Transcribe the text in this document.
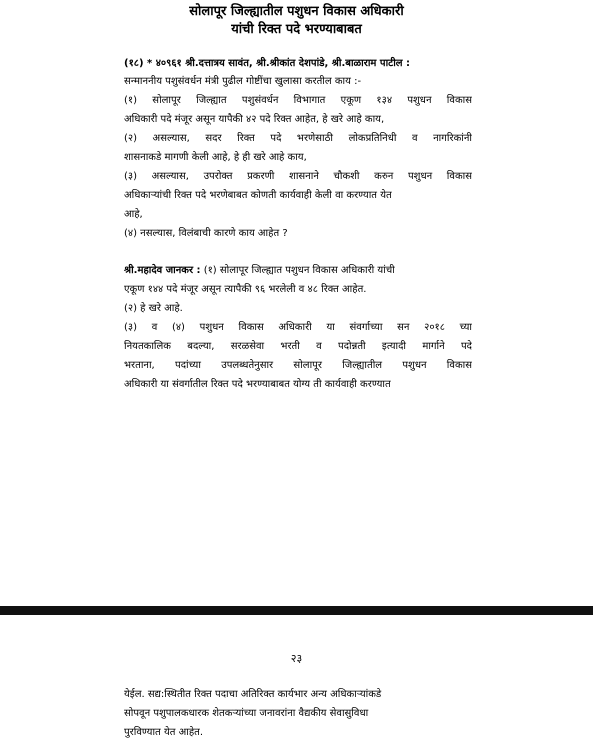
सोलापूर जिल्ह्यातील पशुधन विकास अधिकारी
यांची रिक्त पदे भरण्याबाबत
(१८) * ४०९६१ श्री.दत्तात्रय सावंत, श्री.श्रीकांत देशपांडे, श्री.बाळाराम पाटील :
सन्माननीय पशुसंवर्धन मंत्री पुढील गोष्टींचा खुलासा करतील काय :-
(१) सोलापूर जिल्ह्यात पशुसंवर्धन विभागात एकूण १३४ पशुधन विकास
अधिकारी पदे मंजूर असून यापैकी ४२ पदे रिक्त आहेत, हे खरे आहे काय,
(२) असल्यास, सदर रिक्त पदे भरणेसाठी लोकप्रतिनिधी व नागरिकांनी
शासनाकडे मागणी केली आहे, हे ही खरे आहे काय,
(३) असल्यास, उपरोक्त प्रकरणी शासनाने चौकशी करुन पशुधन विकास
अधिकाऱ्यांची रिक्त पदे भरणेबाबत कोणती कार्यवाही केली वा करण्यात येत
आहे,
(४) नसल्यास, विलंबाची कारणे काय आहेत ?
श्री.महादेव जानकर : (१) सोलापूर जिल्ह्यात पशुधन विकास अधिकारी यांची
एकूण १४४ पदे मंजूर असून त्यापैकी ९६ भरलेली व ४८ रिक्त आहेत.
(२) हे खरे आहे.
(३) व (४) पशुधन विकास अधिकारी या संवर्गाच्या सन २०१८ च्या
नियतकालिक बदल्या, सरळसेवा भरती व पदोन्नती इत्यादी मार्गाने पदे
भरताना, पदांच्या उपलब्धतेनुसार सोलापूर जिल्ह्यातील पशुधन विकास
अधिकारी या संवर्गातील रिक्त पदे भरण्याबाबत योग्य ती कार्यवाही करण्यात
२३
येईल. सद्य:स्थितीत रिक्त पदाचा अतिरिक्त कार्यभार अन्य अधिकाऱ्यांकडे
सोपवून पशुपालकधारक शेतकऱ्यांच्या जनावरांना वैद्यकीय सेवासुविधा
पुरविण्यात येत आहेत.
